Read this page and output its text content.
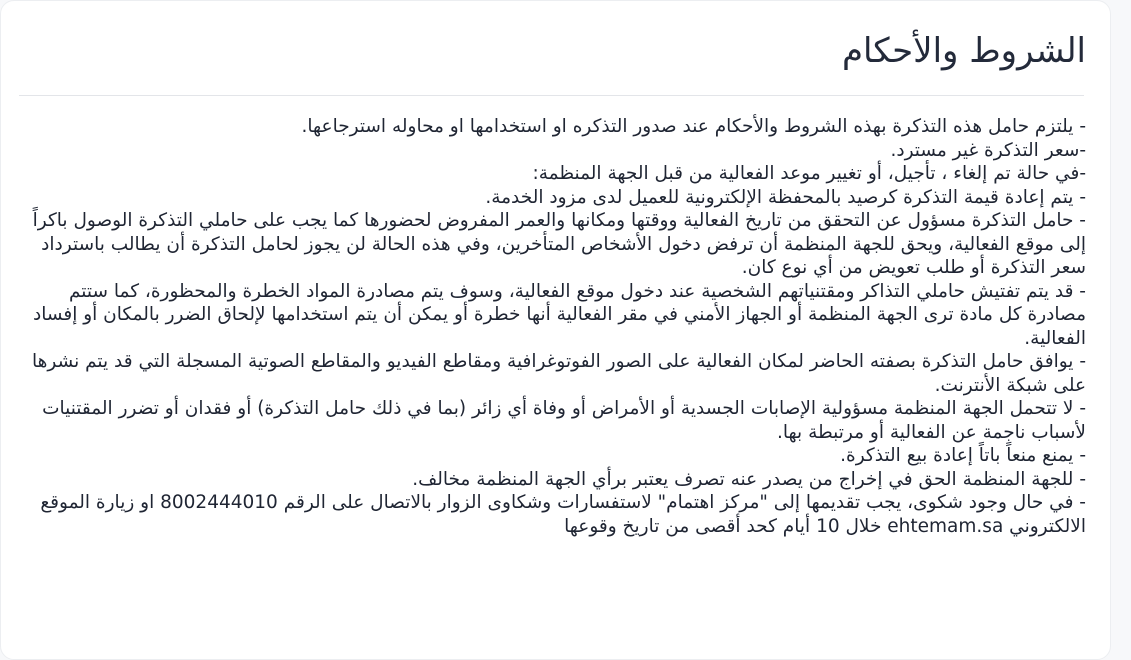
الشروط والأحكام
- يلتزم حامل هذه التذكرة بهذه الشروط والأحكام عند صدور التذكره او استخدامها او محاوله استرجاعها.
-سعر التذكرة غير مسترد.
-في حالة تم إلغاء ، تأجيل، أو تغيير موعد الفعالية من قبل الجهة المنظمة:
- يتم إعادة قيمة التذكرة كرصيد بالمحفظة الإلكترونية للعميل لدى مزود الخدمة.
- حامل التذكرة مسؤول عن التحقق من تاريخ الفعالية ووقتها ومكانها والعمر المفروض لحضورها كما يجب على حاملي التذكرة الوصول باكراً إلى موقع الفعالية، ويحق للجهة المنظمة أن ترفض دخول الأشخاص المتأخرين، وفي هذه الحالة لن يجوز لحامل التذكرة أن يطالب باسترداد سعر التذكرة أو طلب تعويض من أي نوع كان.
- قد يتم تفتيش حاملي التذاكر ومقتنياتهم الشخصية عند دخول موقع الفعالية، وسوف يتم مصادرة المواد الخطرة والمحظورة، كما ستتم مصادرة كل مادة ترى الجهة المنظمة أو الجهاز الأمني في مقر الفعالية أنها خطرة أو يمكن أن يتم استخدامها لإلحاق الضرر بالمكان أو إفساد الفعالية.
- يوافق حامل التذكرة بصفته الحاضر لمكان الفعالية على الصور الفوتوغرافية ومقاطع الفيديو والمقاطع الصوتية المسجلة التي قد يتم نشرها على شبكة الأنترنت.
- لا تتحمل الجهة المنظمة مسؤولية الإصابات الجسدية أو الأمراض أو وفاة أي زائر (بما في ذلك حامل التذكرة) أو فقدان أو تضرر المقتنيات لأسباب ناجمة عن الفعالية أو مرتبطة بها.
- يمنع منعاً باتاً إعادة بيع التذكرة.
- للجهة المنظمة الحق في إخراج من يصدر عنه تصرف يعتبر برأي الجهة المنظمة مخالف.
- في حال وجود شكوى، يجب تقديمها إلى "مركز اهتمام" لاستفسارات وشكاوى الزوار بالاتصال على الرقم 8002444010 او زيارة الموقع الالكتروني ehtemam.sa خلال 10 أيام كحد أقصى من تاريخ وقوعها
